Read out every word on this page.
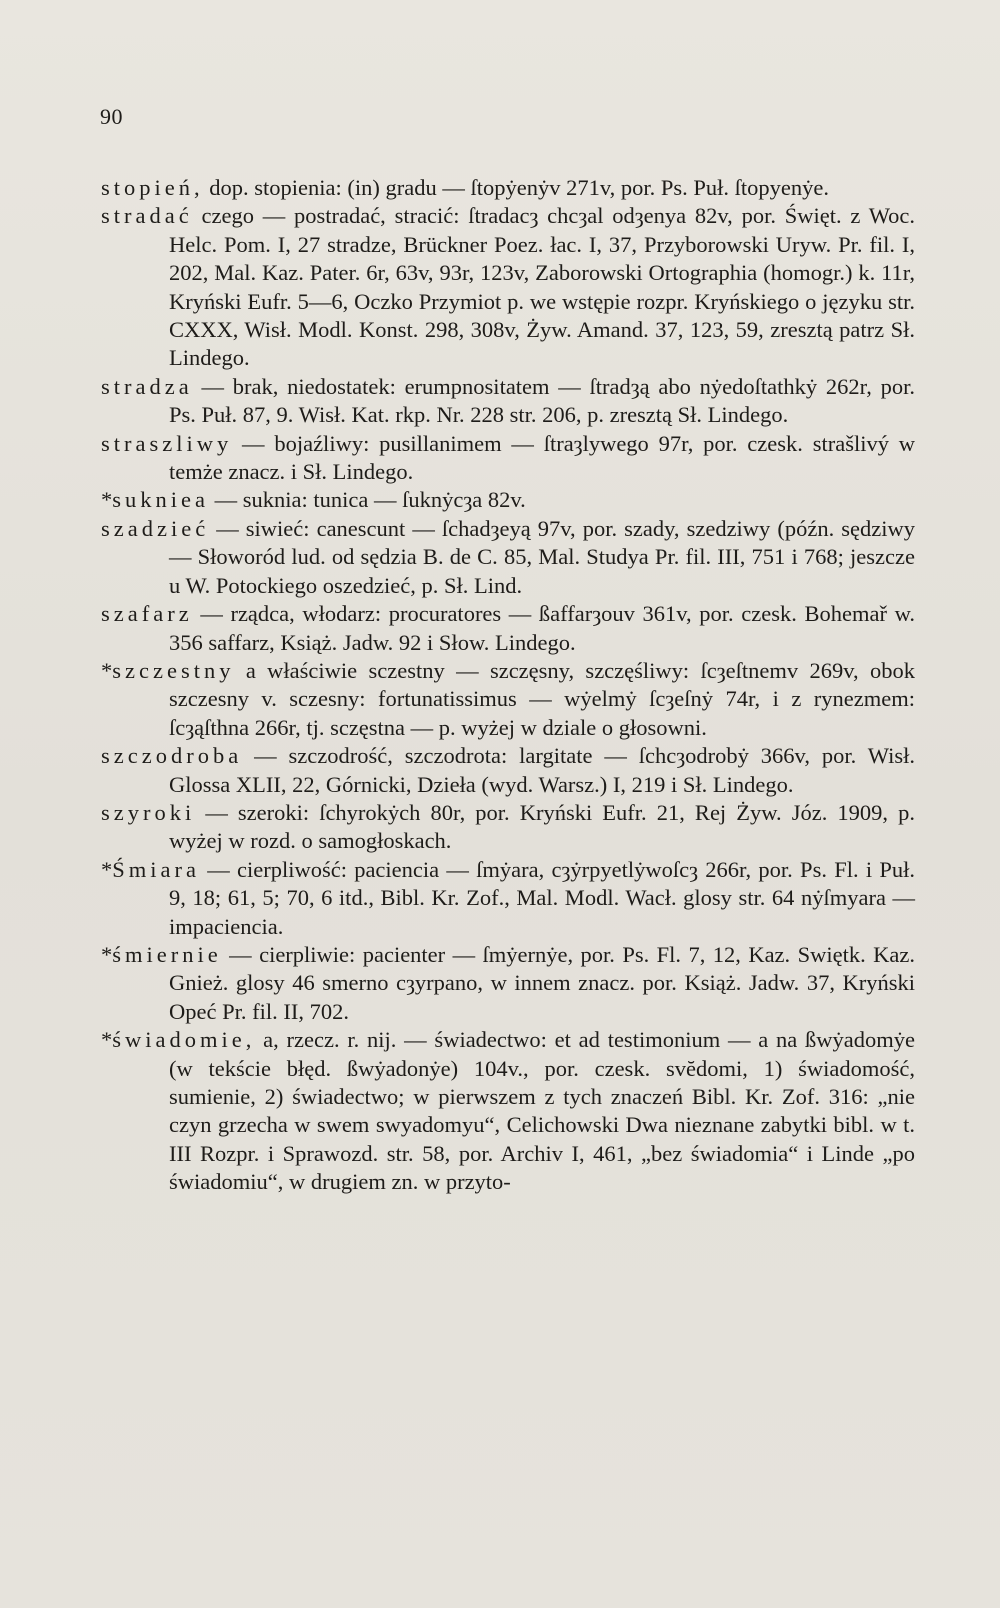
90

stopień, dop. stopienia: (in) gradu — ſtopẏenẏv 271v, por. Ps. Puł. ſtopyenẏe.

stradać czego — postradać, stracić: ſtradacȝ chcȝal odȝenya 82v, por. Święt. z Woc. Helc. Pom. I, 27 stradze, Brückner Poez. łac. I, 37, Przyborowski Uryw. Pr. fil. I, 202, Mal. Kaz. Pater. 6r, 63v, 93r, 123v, Zaborowski Ortographia (homogr.) k. 11r, Kryński Eufr. 5—6, Oczko Przymiot p. we wstępie rozpr. Kryńskiego o języku str. CXXX, Wisł. Modl. Konst. 298, 308v, Żyw. Amand. 37, 123, 59, zresztą patrz Sł. Lindego.

stradza — brak, niedostatek: erumpnositatem — ſtradȝą abo nẏedoſtathkẏ 262r, por. Ps. Puł. 87, 9. Wisł. Kat. rkp. Nr. 228 str. 206, p. zresztą Sł. Lindego.

straszliwy — bojaźliwy: pusillanimem — ſtraȝlywego 97r, por. czesk. strašlivý w temże znacz. i Sł. Lindego.

*sukniea — suknia: tunica — ſuknẏcȝa 82v.

szadzieć — siwieć: canescunt — ſchadȝeyą 97v, por. szady, szedziwy (późn. sędziwy — Słoworód lud. od sędzia B. de C. 85, Mal. Studya Pr. fil. III, 751 i 768; jeszcze u W. Potockiego oszedzieć, p. Sł. Lind.

szafarz — rządca, włodarz: procuratores — ßaffarȝouv 361v, por. czesk. Bohemař w. 356 saffarz, Książ. Jadw. 92 i Słow. Lindego.

*szczestny a właściwie sczestny — szczęsny, szczęśliwy: ſcȝeſtnemv 269v, obok szczesny v. sczesny: fortunatissimus — wẏelmẏ ſcȝeſnẏ 74r, i z rynezmem: ſcȝąſthna 266r, tj. sczęstna — p. wyżej w dziale o głosowni.

szczodroba — szczodrość, szczodrota: largitate — ſchcȝodrobẏ 366v, por. Wisł. Glossa XLII, 22, Górnicki, Dzieła (wyd. Warsz.) I, 219 i Sł. Lindego.

szyroki — szeroki: ſchyrokẏch 80r, por. Kryński Eufr. 21, Rej Żyw. Józ. 1909, p. wyżej w rozd. o samogłoskach.

*Śmiara — cierpliwość: paciencia — ſmẏara, cȝẏrpyetlẏwoſcȝ 266r, por. Ps. Fl. i Puł. 9, 18; 61, 5; 70, 6 itd., Bibl. Kr. Zof., Mal. Modl. Wacł. glosy str. 64 nẏſmyara — impaciencia.

*śmiernie — cierpliwie: pacienter — ſmẏernẏe, por. Ps. Fl. 7, 12, Kaz. Swiętk. Kaz. Gnież. glosy 46 smerno cȝyrpano, w innem znacz. por. Książ. Jadw. 37, Kryński Opeć Pr. fil. II, 702.

*świadomie, a, rzecz. r. nij. — świadectwo: et ad testimonium — a na ßwẏadomẏe (w tekście błęd. ßwẏadonẏe) 104v., por. czesk. svĕdomi, 1) świadomość, sumienie, 2) świadectwo; w pierwszem z tych znaczeń Bibl. Kr. Zof. 316: „nie czyn grzecha w swem swyadomyu“, Celichowski Dwa nieznane zabytki bibl. w t. III Rozpr. i Sprawozd. str. 58, por. Archiv I, 461, „bez świadomia“ i Linde „po świadomiu“, w drugiem zn. w przyto-
